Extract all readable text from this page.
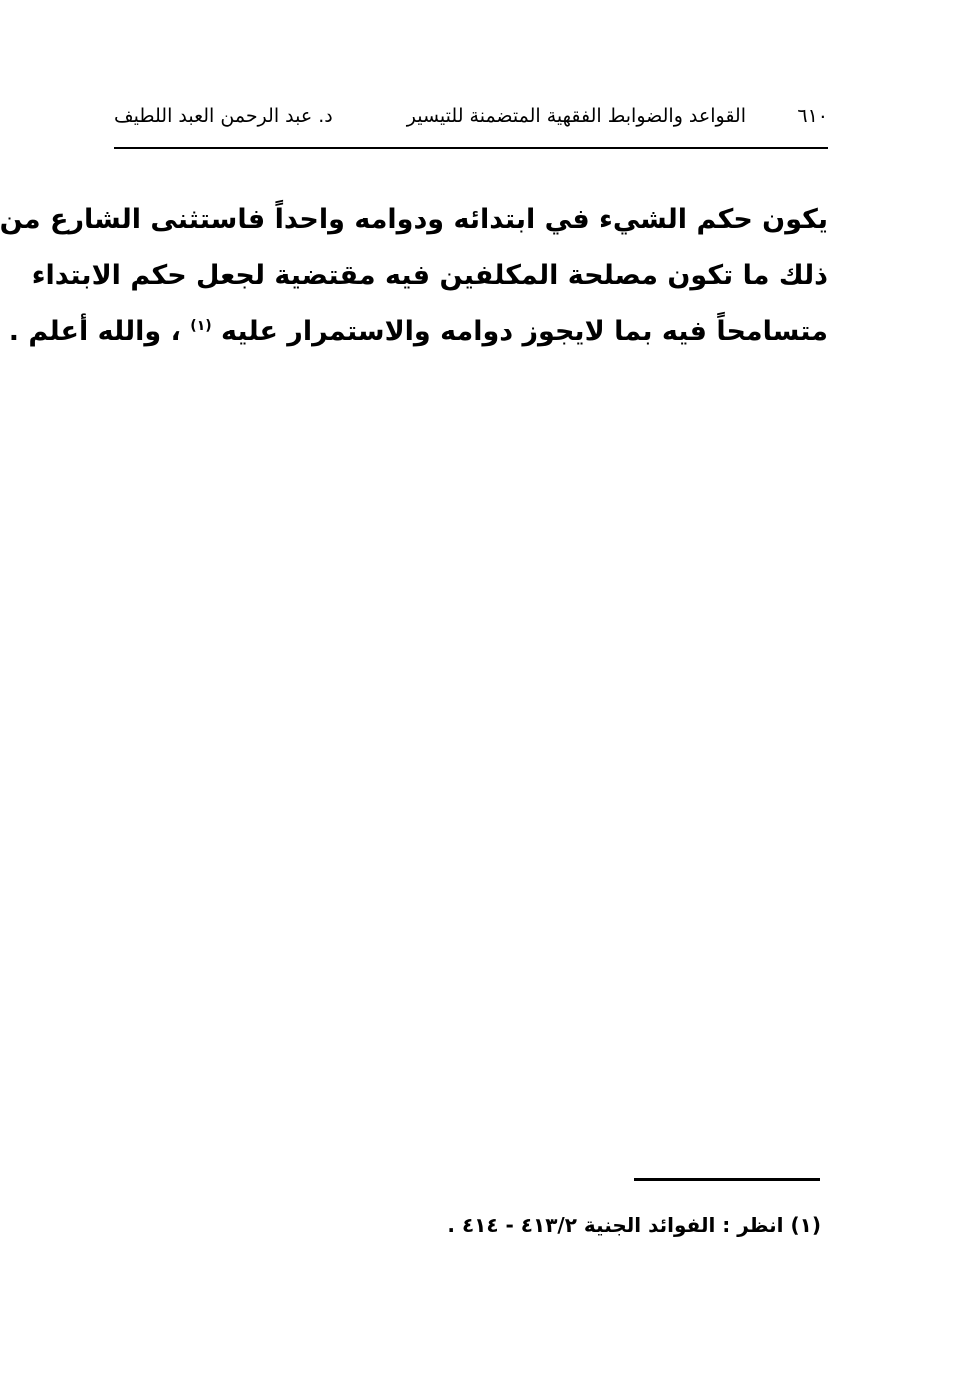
٦١٠
القواعد والضوابط الفقهية المتضمنة للتيسير
د. عبد الرحمن العبد اللطيف
يكون حكم الشيء في ابتدائه ودوامه واحداً فاستثنى الشارع من
ذلك ما تكون مصلحة المكلفين فيه مقتضية لجعل حكم الابتداء
متسامحاً فيه بما لايجوز دوامه والاستمرار عليه $^{(١)}$ ، والله أعلم .
(١) انظر : الفوائد الجنية ٤١٣/٢ - ٤١٤ .
